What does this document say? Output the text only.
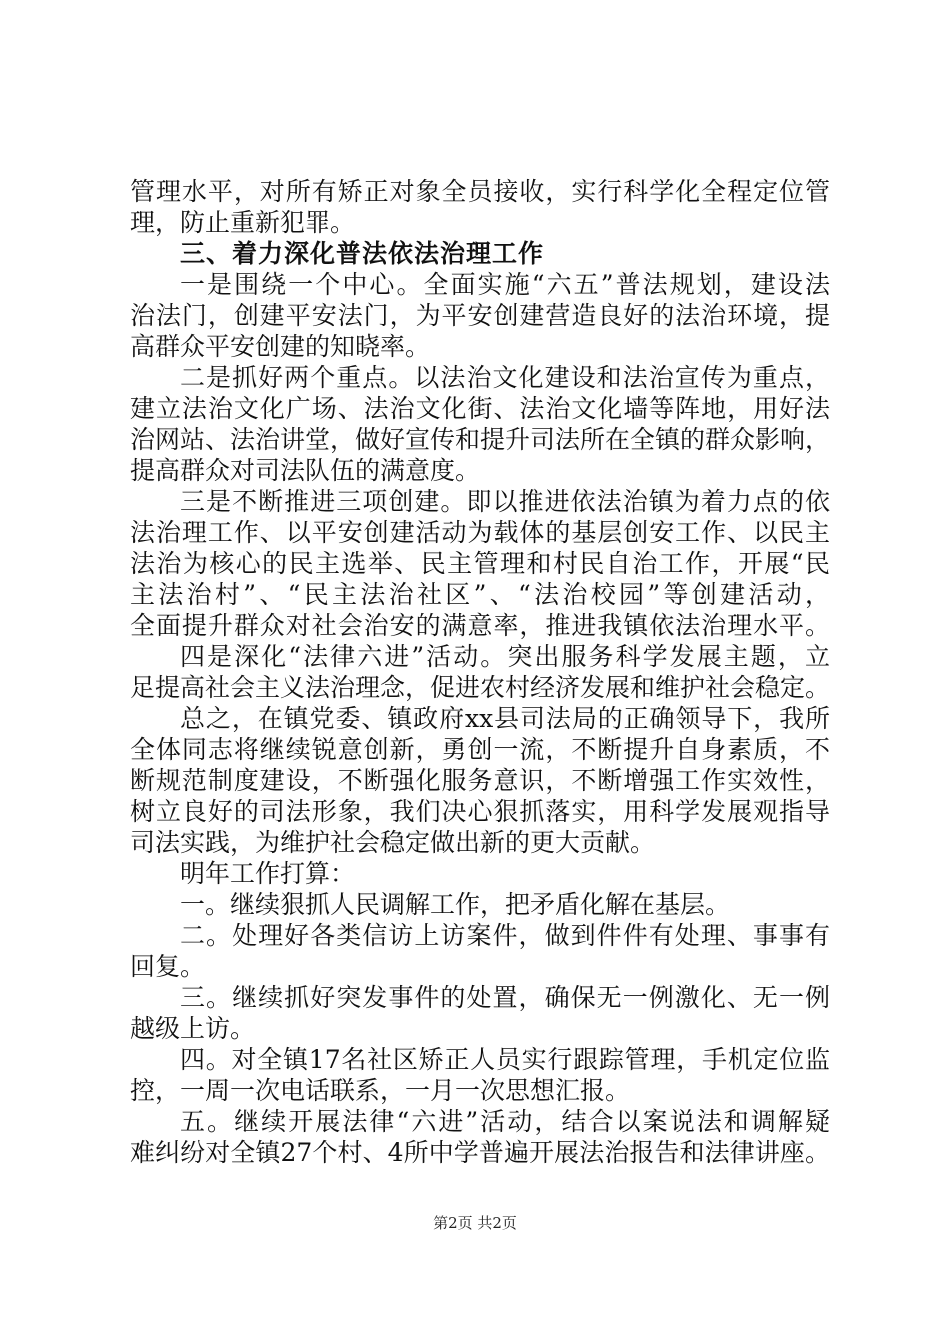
管理水平，对所有矫正对象全员接收，实行科学化全程定位管
理，防止重新犯罪。
三、着力深化普法依法治理工作
一是围绕一个中心。全面实施“六五”普法规划，建设法
治法门，创建平安法门，为平安创建营造良好的法治环境，提
高群众平安创建的知晓率。
二是抓好两个重点。以法治文化建设和法治宣传为重点，
建立法治文化广场、法治文化街、法治文化墙等阵地，用好法
治网站、法治讲堂，做好宣传和提升司法所在全镇的群众影响，
提高群众对司法队伍的满意度。
三是不断推进三项创建。即以推进依法治镇为着力点的依
法治理工作、以平安创建活动为载体的基层创安工作、以民主
法治为核心的民主选举、民主管理和村民自治工作，开展“民
主法治村”、“民主法治社区”、“法治校园”等创建活动，
全面提升群众对社会治安的满意率，推进我镇依法治理水平。
四是深化“法律六进”活动。突出服务科学发展主题，立
足提高社会主义法治理念，促进农村经济发展和维护社会稳定。
总之，在镇党委、镇政府xx县司法局的正确领导下，我所
全体同志将继续锐意创新，勇创一流，不断提升自身素质，不
断规范制度建设，不断强化服务意识，不断增强工作实效性，
树立良好的司法形象，我们决心狠抓落实，用科学发展观指导
司法实践，为维护社会稳定做出新的更大贡献。
明年工作打算：
一。继续狠抓人民调解工作，把矛盾化解在基层。
二。处理好各类信访上访案件，做到件件有处理、事事有
回复。
三。继续抓好突发事件的处置，确保无一例激化、无一例
越级上访。
四。对全镇17名社区矫正人员实行跟踪管理，手机定位监
控，一周一次电话联系，一月一次思想汇报。
五。继续开展法律“六进”活动，结合以案说法和调解疑
难纠纷对全镇27个村、4所中学普遍开展法治报告和法律讲座。
第2页 共2页
